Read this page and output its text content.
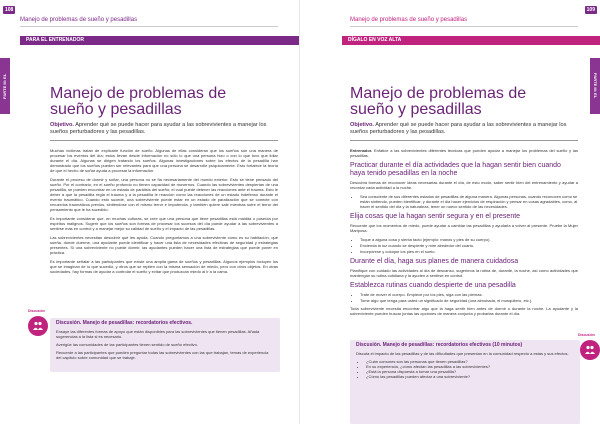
108
Manejo de problemas de sueño y pesadillas
PARA EL ENTRENADOR
PARTE III: EL ENTRENAMIENTO Manejo de problemas de sueño y pesadillas
Objetivo. Aprender qué se puede hacer para ayudar a las sobrevivientes a manejar los sueños perturbadores y las pesadillas.

Muchas víctimas tratan de explicarle función de sueño. Algunas de ellas consideran que los sueños son una manera de procesar los eventos del día; estos llevan desde información no sólo lo que una persona hizo o con lo que tuvo que lidiar durante el día. Algunas se dirigen tratando los sueños. Algunas investigaciones sobre los efectos de la pesadilla han demostrado que los sueños pueden ser relevantes para que una persona se desarrolle psíquicamente. Esto fortalece la teoría de que el hecho de soñar ayuda a procesar la información.

Durante el proceso de dormir y soñar, una persona no se fía necesariamente del mundo exterior. Esto se tiene pensado del sueño. Por el contrario, en el sueño profundo no tienen capacidad de movernos. Cuando las sobrevivientes despiertan de una pesadilla, se pueden encontrar en un estado de parálisis del sueño; el cual puede detener las reacciones ante el trauma. Esto le deber a que la pesadilla regla el trauma y a la pesadilla le reacción como las reacciones de un estado indefenso durante el evento traumático. Cuando esto sucede, una sobreviviente puede estar en un estado de paralización que se conecte con recuerdos traumáticos previos, sintiéndose con el mismo terror e impotencia, y también quiere salir mientras sufre el terror del pensamiento que le ha sucedido.

Es importante considerar que, en muchas culturas, se cree que una persona que tiene pesadillas está maldita o poseída por espíritus malignos. Sugerir que los sueños son formas de procesar los sucesos del día puede ayudar a las sobrevivientes a sentirse más en control y a manejar mejor su calidad de sueño y el impacto de las pesadillas.

Las sobrevivientes necesitan descubrir qué les ayuda. Cuando preguntamos a una sobreviviente cómo es su habitación, qué sueña, dónde duerme, una ayudante puede identificar y hacer una lista de necesidades efectivas de seguridad y estrategias presentes. Si una sobreviviente no puede dormir, las ayudantes pueden hacer una lista de estrategias que puede poner en práctica.

Es importante señalar a las participantes que existe una amplia gama de sueños y pesadillas. Algunos ejemplos incluyen los que se imaginan de lo que sucedió, y otros que se repiten con la misma sensación de miedo, pero con otros objetos. En otras sociedades, hay formas de ayudar a controlar el sueño y evitar que produzcan miedo al ir a la cama.

Discusión
Discusión. Manejo de pesadillas: recordatorios efectivos.

Ensaye las diferentes formas de apoyo que están disponibles para las sobrevivientes que tienen pesadillas. Añada sugerencias a la lista si es necesario.

Averigüe las comunidades de las participantes tienen sentido de sueño efectivo.

Recuerde a las participantes que pueden preguntar todas las sobrevivientes con las que trabajan, temas de experiencia del capítulo sobre comunidad que se trabaje.

109
Manejo de problemas de sueño y pesadillas
DÍGALO EN VOZ ALTA
PARTE III: EL ENTRENAMIENTO
Manejo de problemas de sueño y pesadillas
Objetivo. Aprender qué se puede hacer para ayudar a las sobrevivientes a manejar los sueños perturbadores y las pesadillas.

Entrenador. Enfatice a las sobrevivientes diferentes técnicas que pueden ayudar a manejar los problemas del sueño y las pesadillas.

Practicar durante el día actividades que la hagan sentir bien cuando haya tenido pesadillas en la noche

Descubra formas de reconocer ideas necesarias durante el día, de esto modo, saber sentir bien del entrenamiento y ayudar a recordar cada actividad a la noche.

• Sea consciente de sus diferentes estados de pesadillas de alguna manera. Algunas personas, cuando reconocen como se están sintiendo, pueden identificar, y durante el día hacer ejercicios de respiración y pensar en cosas agradables, como, al hacer el sentido del día y la naturaleza, tener un nuevo sentido de las necesidades.
Elija cosas que la hagan sentir segura y en el presente

Recuerde que los momentos de miedo, puede ayudar a cambiar las pesadillas y ayudarla a volver al presente. Pruebe la Mujer Mariposa.

• Toque a alguna cosa y sienta tacto (ejemplo: manos y pies de su cuerpo).
• Encienda la luz cuando se despierte y mire alrededor del cuarto.
• Incorpórese y coloque los pies en el suelo.
Durante el día, haga sus planes de manera cuidadosa

Planifique con cuidado las actividades al día de descanso, sugerimos la rutina de, durante, la noche, así como actividades que mantengan su rutina cotidiana y la ayuden a sentirse en control.

Establezca rutinas cuando despierte de una pesadilla
• Trate de mover el cuerpo. Empiece por los pies, siga con las piernas.
• Tome algo que tenga para usted un significado de seguridad (una almohada, el mosquitero, etc.).

Toda sobreviviente necesita encontrar algo que la haga sentir bien antes de dormir o durante la noche. La ayudante y la sobreviviente pueden buscar juntas las opciones de manera conjunta y probarlas durante el día.

Discusión
Discusión. Manejo de pesadillas: recordatorios efectivos (10 minutos)

Discuta el impacto de las pesadillas y de las dificultades que presentan en la comunidad respecto a estas y sus efectos.

• ¿Cuán comunes son las personas que tienen pesadillas?
• En su experiencia, ¿cómo afectan las pesadillas a las sobrevivientes?
• ¿Está la persona dispuesta a tomar una pesadilla?
• ¿Cómo las pesadillas pueden afectar a una sobreviviente?
